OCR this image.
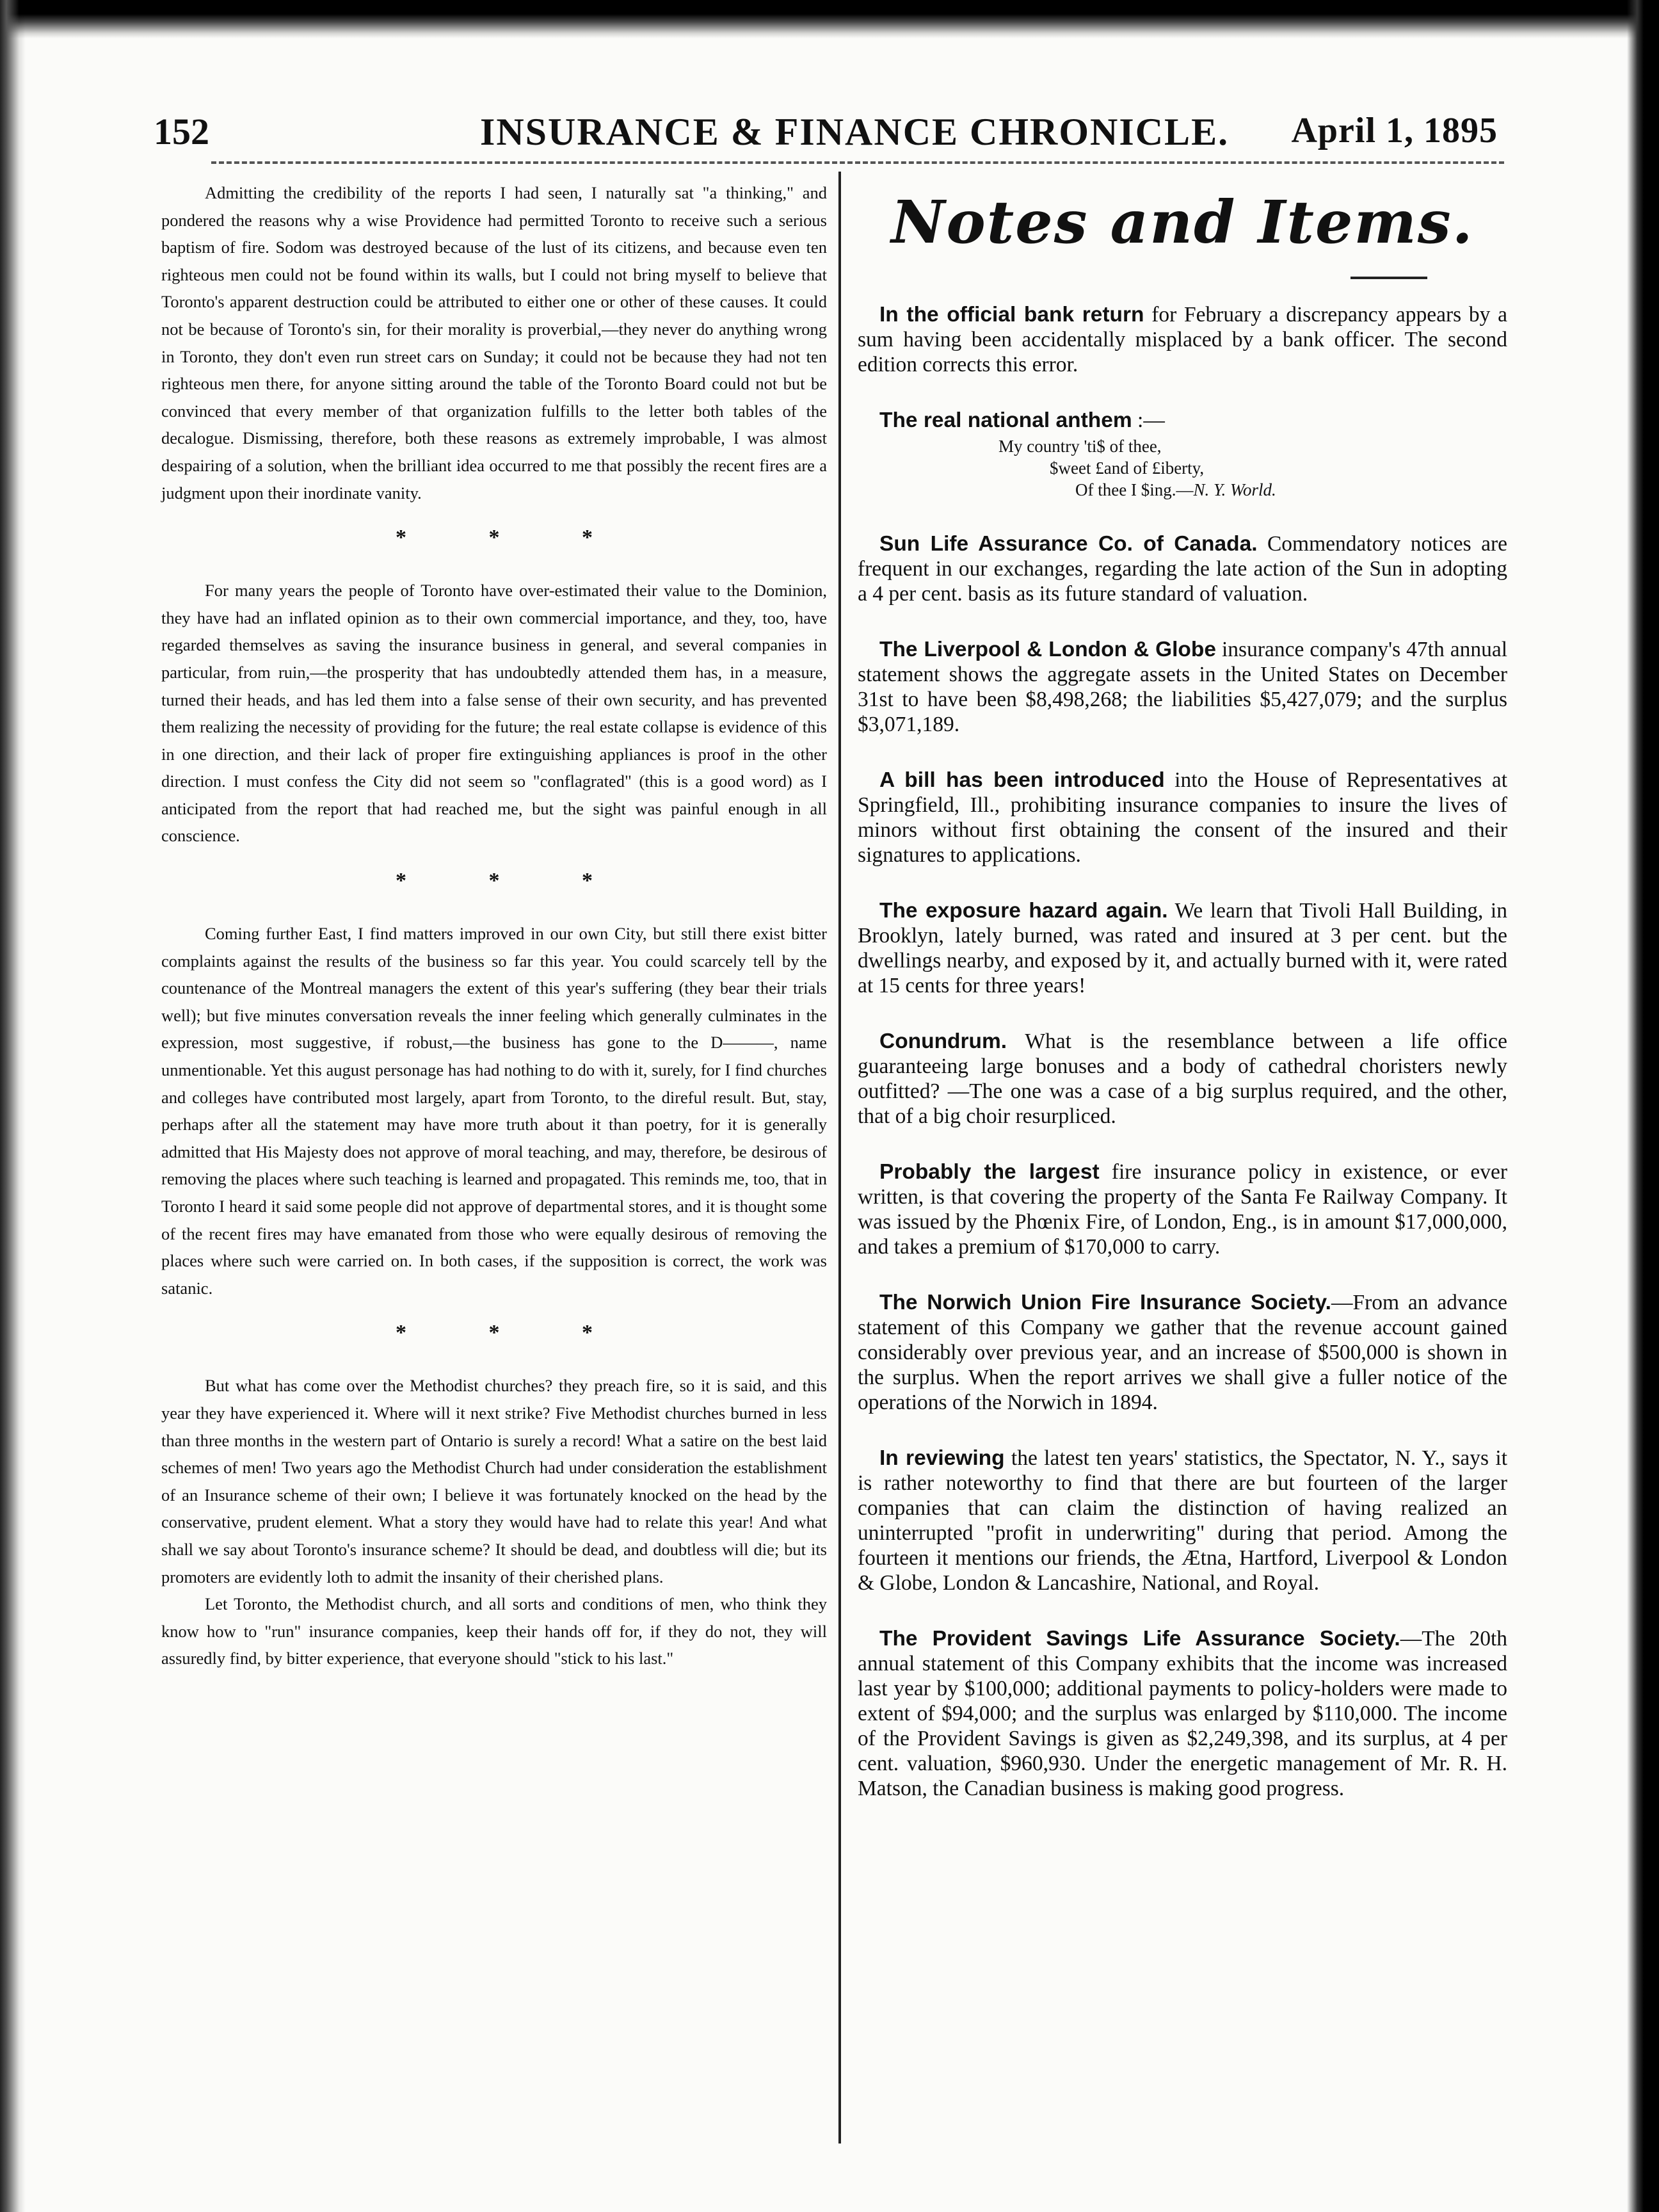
152	INSURANCE & FINANCE CHRONICLE. April 1, 1895

Admitting the credibility of the reports I had seen, I naturally sat "a thinking," and pondered the reasons why a wise Providence had permitted Toronto to receive such a serious baptism of fire. Sodom was destroyed because of the lust of its citizens, and because even ten righteous men could not be found within its walls, but I could not bring myself to believe that Toronto's apparent destruction could be attributed to either one or other of these causes. It could not be because of Toronto's sin, for their morality is proverbial,—they never do anything wrong in Toronto, they don't even run street cars on Sunday; it could not be because they had not ten righteous men there, for anyone sitting around the table of the Toronto Board could not but be convinced that every member of that organization fulfills to the letter both tables of the decalogue. Dismissing, therefore, both these reasons as extremely improbable, I was almost despairing of a solution, when the brilliant idea occurred to me that possibly the recent fires are a judgment upon their inordinate vanity.

* * *

For many years the people of Toronto have over-estimated their value to the Dominion, they have had an inflated opinion as to their own commercial importance, and they, too, have regarded themselves as saving the insurance business in general, and several companies in particular, from ruin,—the prosperity that has undoubtedly attended them has, in a measure, turned their heads, and has led them into a false sense of their own security, and has prevented them realizing the necessity of providing for the future; the real estate collapse is evidence of this in one direction, and their lack of proper fire extinguishing appliances is proof in the other direction. I must confess the City did not seem so "conflagrated" (this is a good word) as I anticipated from the report that had reached me, but the sight was painful enough in all conscience.

* * *

Coming further East, I find matters improved in our own City, but still there exist bitter complaints against the results of the business so far this year. You could scarcely tell by the countenance of the Montreal managers the extent of this year's suffering (they bear their trials well); but five minutes conversation reveals the inner feeling which generally culminates in the expression, most suggestive, if robust,—the business has gone to the D———, name unmentionable. Yet this august personage has had nothing to do with it, surely, for I find churches and colleges have contributed most largely, apart from Toronto, to the direful result. But, stay, perhaps after all the statement may have more truth about it than poetry, for it is generally admitted that His Majesty does not approve of moral teaching, and may, therefore, be desirous of removing the places where such teaching is learned and propagated. This reminds me, too, that in Toronto I heard it said some people did not approve of departmental stores, and it is thought some of the recent fires may have emanated from those who were equally desirous of removing the places where such were carried on. In both cases, if the supposition is correct, the work was satanic.

* * *

But what has come over the Methodist churches? they preach fire, so it is said, and this year they have experienced it. Where will it next strike? Five Methodist churches burned in less than three months in the western part of Ontario is surely a record! What a satire on the best laid schemes of men! Two years ago the Methodist Church had under consideration the establishment of an Insurance scheme of their own; I believe it was fortunately knocked on the head by the conservative, prudent element. What a story they would have had to relate this year! And what shall we say about Toronto's insurance scheme? It should be dead, and doubtless will die; but its promoters are evidently loth to admit the insanity of their cherished plans.

Let Toronto, the Methodist church, and all sorts and conditions of men, who think they know how to "run" insurance companies, keep their hands off for, if they do not, they will assuredly find, by bitter experience, that everyone should "stick to his last."

Notes and Items.

In the official bank return for February a discrepancy appears by a sum having been accidentally misplaced by a bank officer. The second edition corrects this error.

The real national anthem :—

My country 'ti$ of thee,
$weet £and of £iberty,
Of thee I $ing.—N. Y. World.

Sun Life Assurance Co. of Canada. Commendatory notices are frequent in our exchanges, regarding the late action of the Sun in adopting a 4 per cent. basis as its future standard of valuation.

The Liverpool & London & Globe insurance company's 47th annual statement shows the aggregate assets in the United States on December 31st to have been $8,498,268; the liabilities $5,427,079; and the surplus $3,071,189.

A bill has been introduced into the House of Representatives at Springfield, Ill., prohibiting insurance companies to insure the lives of minors without first obtaining the consent of the insured and their signatures to applications.

The exposure hazard again. We learn that Tivoli Hall Building, in Brooklyn, lately burned, was rated and insured at 3 per cent. but the dwellings nearby, and exposed by it, and actually burned with it, were rated at 15 cents for three years!

Conundrum. What is the resemblance between a life office guaranteeing large bonuses and a body of cathedral choristers newly outfitted? —The one was a case of a big surplus required, and the other, that of a big choir resurpliced.

Probably the largest fire insurance policy in existence, or ever written, is that covering the property of the Santa Fe Railway Company. It was issued by the Phœnix Fire, of London, Eng., is in amount $17,000,000, and takes a premium of $170,000 to carry.

The Norwich Union Fire Insurance Society.—From an advance statement of this Company we gather that the revenue account gained considerably over previous year, and an increase of $500,000 is shown in the surplus. When the report arrives we shall give a fuller notice of the operations of the Norwich in 1894.

In reviewing the latest ten years' statistics, the Spectator, N. Y., says it is rather noteworthy to find that there are but fourteen of the larger companies that can claim the distinction of having realized an uninterrupted "profit in underwriting" during that period. Among the fourteen it mentions our friends, the Ætna, Hartford, Liverpool & London & Globe, London & Lancashire, National, and Royal.

The Provident Savings Life Assurance Society.—The 20th annual statement of this Company exhibits that the income was increased last year by $100,000; additional payments to policy-holders were made to extent of $94,000; and the surplus was enlarged by $110,000. The income of the Provident Savings is given as $2,249,398, and its surplus, at 4 per cent. valuation, $960,930. Under the energetic management of Mr. R. H. Matson, the Canadian business is making good progress.
